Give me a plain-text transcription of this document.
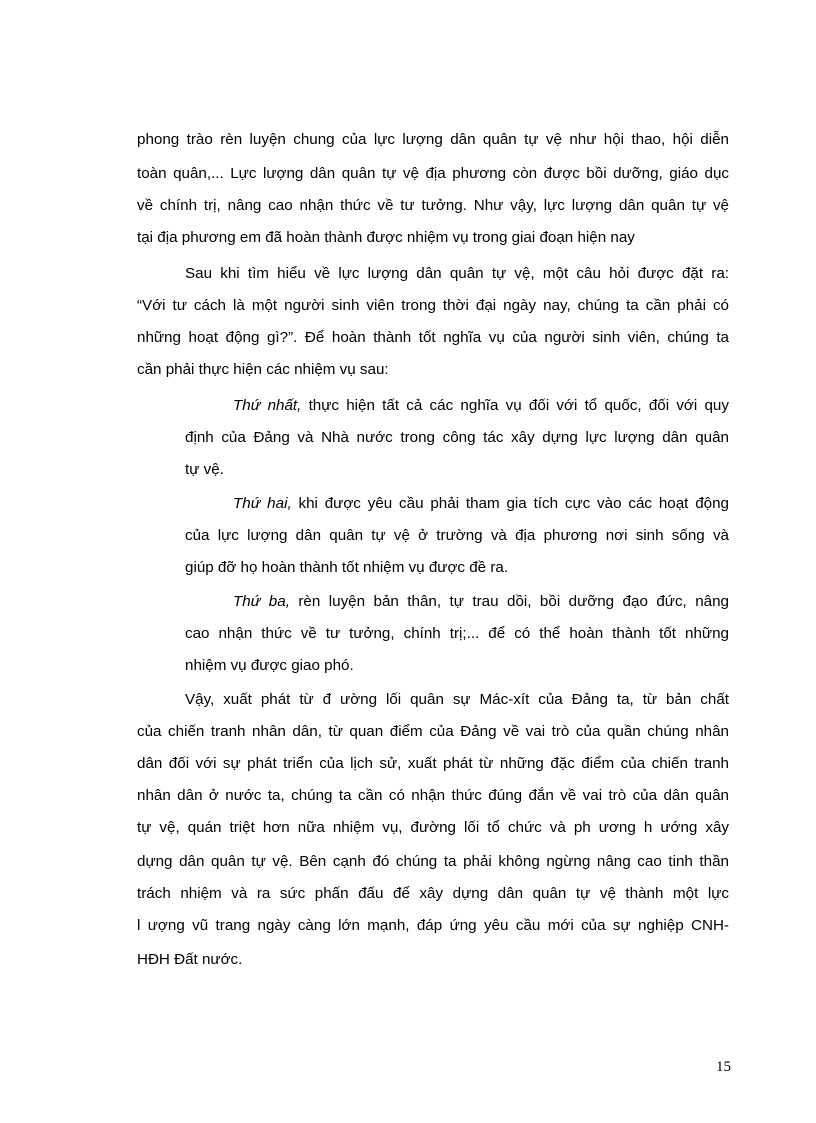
phong trào rèn luyện chung của lực lượng dân quân tự vệ như hội thao, hội diễn
toàn quân,... Lực lượng dân quân tự vệ địa phương còn được bồi dưỡng, giáo dục
về chính trị, nâng cao nhận thức về tư tưởng. Như vậy, lực lượng dân quân tự vệ
tại địa phương em đã hoàn thành được nhiệm vụ trong giai đoạn hiện nay
Sau khi tìm hiểu về lực lượng dân quân tự vệ, một câu hỏi được đặt ra:
“Với tư cách là một người sinh viên trong thời đại ngày nay, chúng ta cần phải có
những hoạt động gì?”. Để hoàn thành tốt nghĩa vụ của người sinh viên, chúng ta
cần phải thực hiện các nhiệm vụ sau:
Thứ nhất, thực hiện tất cả các nghĩa vụ đối với tổ quốc, đối với quy
định của Đảng và Nhà nước trong công tác xây dựng lực lượng dân quân
tự vệ.
Thứ hai, khi được yêu cầu phải tham gia tích cực vào các hoạt động
của lực lượng dân quân tự vệ ở trường và địa phương nơi sinh sống và
giúp đỡ họ hoàn thành tốt nhiệm vụ được đề ra.
Thứ ba, rèn luyện bản thân, tự trau dồi, bồi dưỡng đạo đức, nâng
cao nhận thức về tư tưởng, chính trị;... để có thể hoàn thành tốt những
nhiệm vụ được giao phó.
Vậy, xuất phát từ đ ường lối quân sự Mác-xít của Đảng ta, từ bản chất
của chiến tranh nhân dân, từ quan điểm của Đảng về vai trò của quần chúng nhân
dân đối với sự phát triển của lịch sử, xuất phát từ những đặc điểm của chiến tranh
nhân dân ở nước ta, chúng ta cần có nhận thức đúng đắn về vai trò của dân quân
tự vệ, quán triệt hơn nữa nhiệm vụ, đường lối tổ chức và ph ương h ướng xây
dựng dân quân tự vệ. Bên cạnh đó chúng ta phải không ngừng nâng cao tinh thần
trách nhiệm và ra sức phấn đấu để xây dựng dân quân tự vệ thành một lực
l ượng vũ trang ngày càng lớn mạnh, đáp ứng yêu cầu mới của sự nghiệp CNH-
HĐH Đất nước.
15
